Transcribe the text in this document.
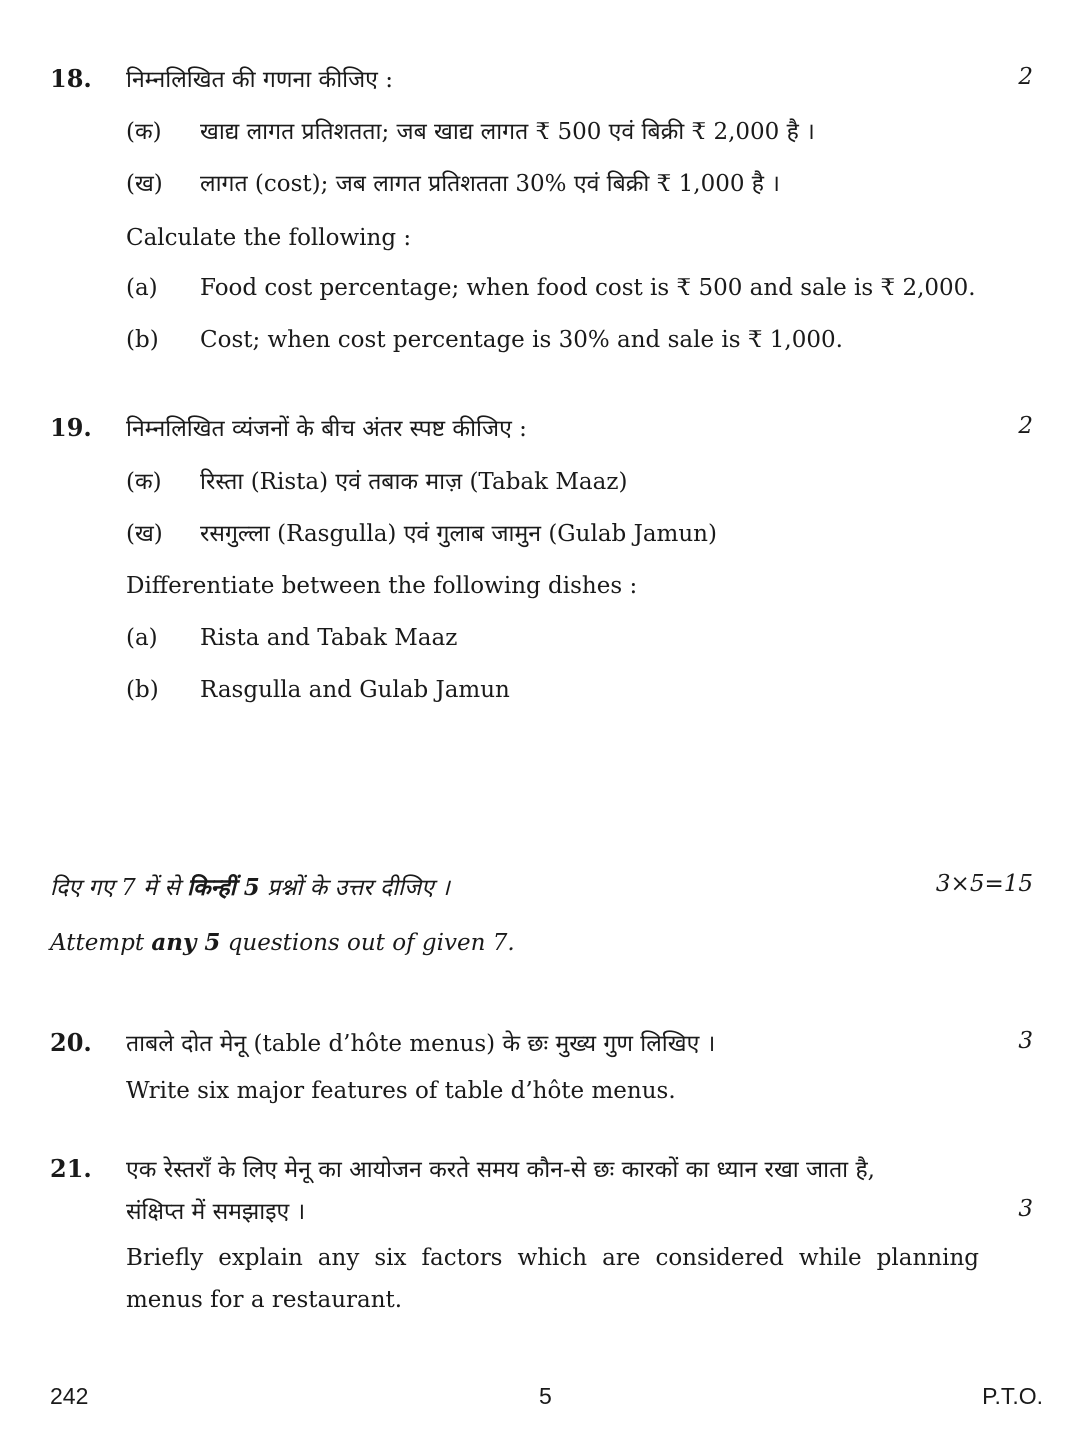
18. निम्नलिखित की गणना कीजिए :	2
(क) खाद्य लागत प्रतिशतता; जब खाद्य लागत ₹ 500 एवं बिक्री ₹ 2,000 है ।
(ख) लागत (cost); जब लागत प्रतिशतता 30% एवं बिक्री ₹ 1,000 है ।
Calculate the following :
(a) Food cost percentage; when food cost is ₹ 500 and sale is ₹ 2,000.
(b) Cost; when cost percentage is 30% and sale is ₹ 1,000.
19. निम्नलिखित व्यंजनों के बीच अंतर स्पष्ट कीजिए :	2
(क) रिस्ता (Rista) एवं तबाक माज़ (Tabak Maaz)
(ख) रसगुल्ला (Rasgulla) एवं गुलाब जामुन (Gulab Jamun)
Differentiate between the following dishes :
(a) Rista and Tabak Maaz
(b) Rasgulla and Gulab Jamun
दिए गए 7 में से किन्हीं 5 प्रश्नों के उत्तर दीजिए ।	3×5=15
Attempt any 5 questions out of given 7.
20. ताबले दोत मेनू (table d’hôte menus) के छः मुख्य गुण लिखिए ।	3
Write six major features of table d’hôte menus.
21. एक रेस्तराँ के लिए मेनू का आयोजन करते समय कौन-से छः कारकों का ध्यान रखा जाता है,
संक्षिप्त में समझाइए ।	3
Briefly explain any six factors which are considered while planning menus for a restaurant.
242	5	P.T.O.
